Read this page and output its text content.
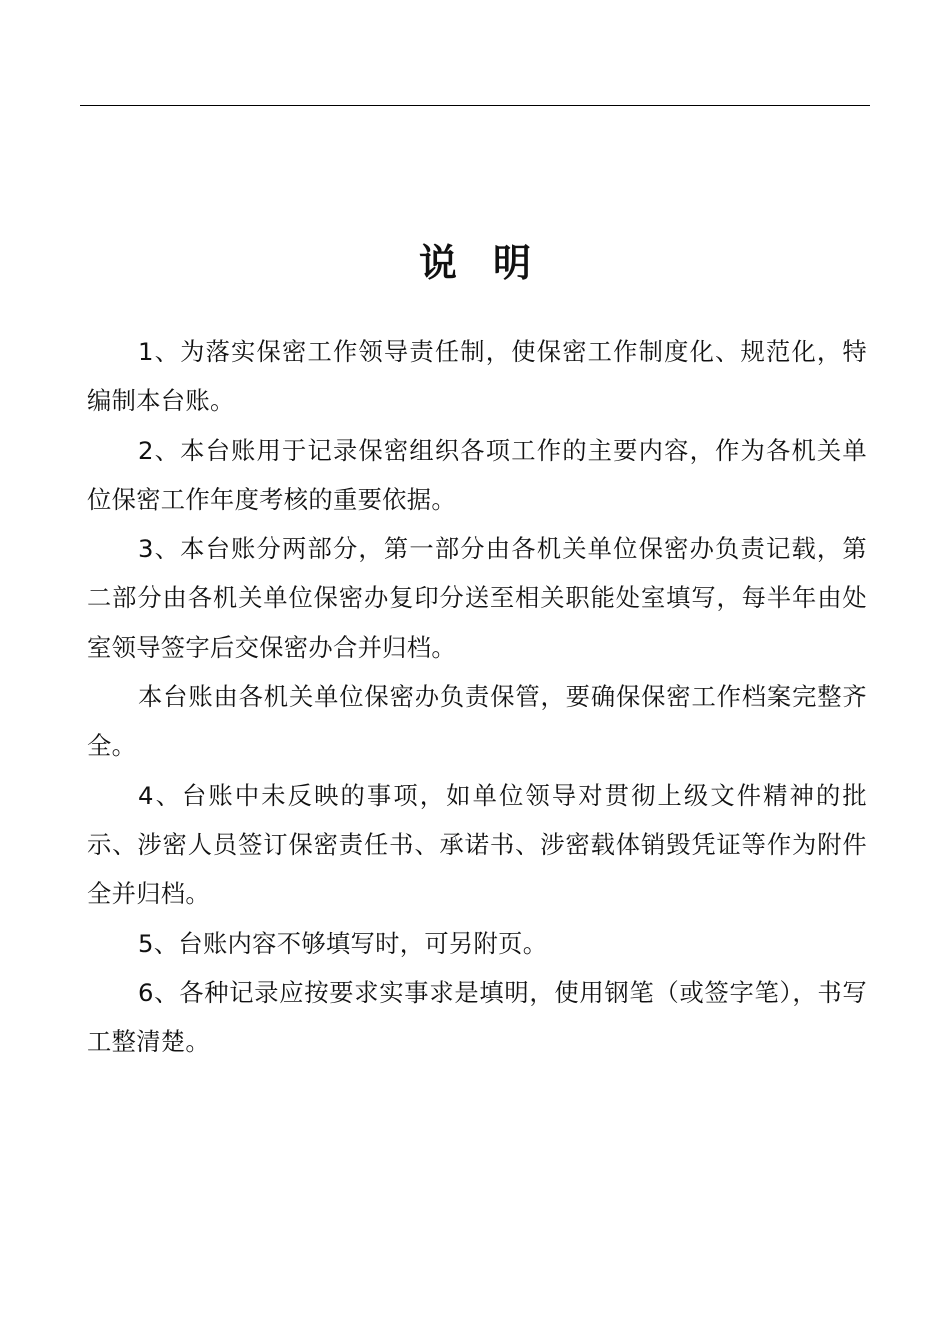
说明

1、为落实保密工作领导责任制，使保密工作制度化、规范化，特编制本台账。

2、本台账用于记录保密组织各项工作的主要内容，作为各机关单位保密工作年度考核的重要依据。

3、本台账分两部分，第一部分由各机关单位保密办负责记载，第二部分由各机关单位保密办复印分送至相关职能处室填写，每半年由处室领导签字后交保密办合并归档。

本台账由各机关单位保密办负责保管，要确保保密工作档案完整齐全。

4、台账中未反映的事项，如单位领导对贯彻上级文件精神的批示、涉密人员签订保密责任书、承诺书、涉密载体销毁凭证等作为附件全并归档。

5、台账内容不够填写时，可另附页。

6、各种记录应按要求实事求是填明，使用钢笔（或签字笔），书写工整清楚。
